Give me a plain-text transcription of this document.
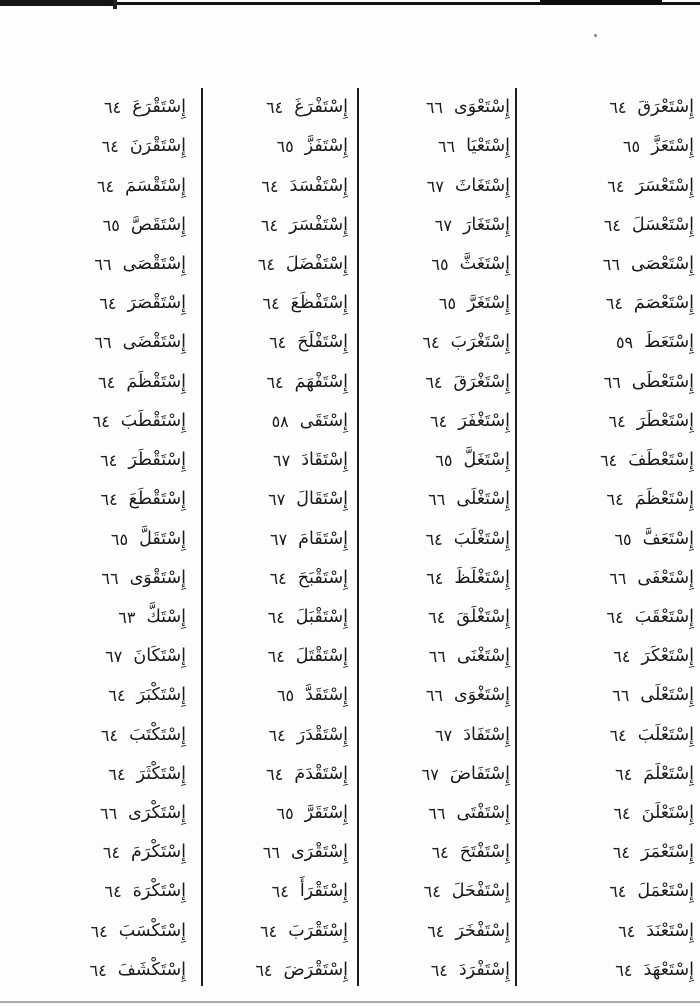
إِسْتَعْرَقَ
٦٤
إِسْتَعَزَّ
٦٥
إِسْتَعْسَرَ
٦٤
إِسْتَعْسَلَ
٦٤
إِسْتَعْصَى
٦٦
إِسْتَعْصَمَ
٦٤
إِسْتَعَطَ
٥٩
إِسْتَعْطَى
٦٦
إِسْتَعْطَرَ
٦٤
إِسْتَعْطَفَ
٦٤
إِسْتَعْظَمَ
٦٤
إِسْتَعَفَّ
٦٥
إِسْتَعْفَى
٦٦
إِسْتَعْقَبَ
٦٤
إِسْتَعْكَرَ
٦٤
إِسْتَعْلَى
٦٦
إِسْتَعْلَبَ
٦٤
إِسْتَعْلَمَ
٦٤
إِسْتَعْلَنَ
٦٤
إِسْتَعْمَرَ
٦٤
إِسْتَعْمَلَ
٦٤
إِسْتَعْنَدَ
٦٤
إِسْتَعْهَدَ
٦٤
إِسْتَعْوَى
٦٦
إِسْتَعْيَا
٦٦
إِسْتَغَاثَ
٦٧
إِسْتَغَارَ
٦٧
إِسْتَغَثَّ
٦٥
إِسْتَغَرَّ
٦٥
إِسْتَغْرَبَ
٦٤
إِسْتَغْرَقَ
٦٤
إِسْتَغْفَرَ
٦٤
إِسْتَغَلَّ
٦٥
إِسْتَغْلَى
٦٦
إِسْتَغْلَبَ
٦٤
إِسْتَغْلَظَ
٦٤
إِسْتَغْلَقَ
٦٤
إِسْتَغْنَى
٦٦
إِسْتَغْوَى
٦٦
إِسْتَفَادَ
٦٧
إِسْتَفَاضَ
٦٧
إِسْتَفْتَى
٦٦
إِسْتَفْتَحَ
٦٤
إِسْتَفْحَلَ
٦٤
إِسْتَفْخَرَ
٦٤
إِسْتَفْرَدَ
٦٤
إِسْتَفْرَغَ
٦٤
إِسْتَفَزَّ
٦٥
إِسْتَفْسَدَ
٦٤
إِسْتَفْسَرَ
٦٤
إِسْتَفْضَلَ
٦٤
إِسْتَفْظَعَ
٦٤
إِسْتَفْلَحَ
٦٤
إِسْتَفْهَمَ
٦٤
إِسْتَقَى
٥٨
إِسْتَقَادَ
٦٧
إِسْتَقَالَ
٦٧
إِسْتَقَامَ
٦٧
إِسْتَقْبَحَ
٦٤
إِسْتَقْبَلَ
٦٤
إِسْتَقْتَلَ
٦٤
إِسْتَقَدَّ
٦٥
إِسْتَقْدَرَ
٦٤
إِسْتَقْدَمَ
٦٤
إِسْتَقَرَّ
٦٥
إِسْتَقْرَى
٦٦
إِسْتَقْرَأَ
٦٤
إِسْتَقْرَبَ
٦٤
إِسْتَقْرَضَ
٦٤
إِسْتَقْرَعَ
٦٤
إِسْتَقْرَنَ
٦٤
إِسْتَقْسَمَ
٦٤
إِسْتَقَصَّ
٦٥
إِسْتَقْصَى
٦٦
إِسْتَقْصَرَ
٦٤
إِسْتَقْضَى
٦٦
إِسْتَقْظَمَ
٦٤
إِسْتَقْطَبَ
٦٤
إِسْتَقْطَرَ
٦٤
إِسْتَقْطَعَ
٦٤
إِسْتَقَلَّ
٦٥
إِسْتَقْوَى
٦٦
إِسْتَكَّ
٦٣
إِسْتَكَانَ
٦٧
إِسْتَكْبَرَ
٦٤
إِسْتَكْتَبَ
٦٤
إِسْتَكْثَرَ
٦٤
إِسْتَكْرَى
٦٦
إِسْتَكْرَمَ
٦٤
إِسْتَكْرَهَ
٦٤
إِسْتَكْسَبَ
٦٤
إِسْتَكْشَفَ
٦٤
